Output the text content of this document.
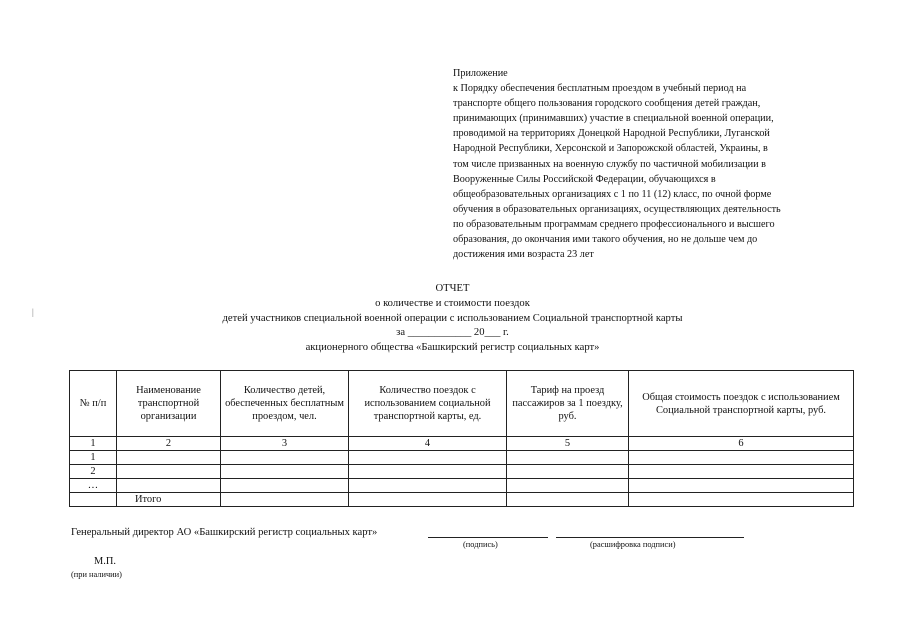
Приложение
к Порядку обеспечения бесплатным проездом в учебный период на
транспорте общего пользования городского сообщения детей граждан,
принимающих (принимавших) участие в специальной военной операции,
проводимой на территориях Донецкой Народной Республики, Луганской
Народной Республики, Херсонской и Запорожской областей, Украины, в
том числе призванных на военную службу по частичной мобилизации в
Вооруженные Силы Российской Федерации, обучающихся в
общеобразовательных организациях с 1 по 11 (12) класс, по очной форме
обучения в образовательных организациях, осуществляющих деятельность
по образовательным программам среднего профессионального и высшего
образования, до окончания ими такого обучения, но не дольше чем до
достижения ими возраста 23 лет
|
ОТЧЕТ
о количестве и стоимости поездок
детей участников специальной военной операции с использованием Социальной транспортной карты
за ____________ 20___ г.
акционерного общества «Башкирский регистр социальных карт»
№ п/п	Наименование транспортной организации	Количество детей, обеспеченных бесплатным проездом, чел.	Количество поездок с использованием социальной транспортной карты, ед.	Тариф на проезд пассажиров за 1 поездку, руб.	Общая стоимость поездок с использованием Социальной транспортной карты, руб.
1	2	3	4	5	6
1					
2					
…					
	Итого				
Генеральный директор АО «Башкирский регистр социальных карт»
(подпись)	(расшифровка подписи)
М.П.
(при наличии)
